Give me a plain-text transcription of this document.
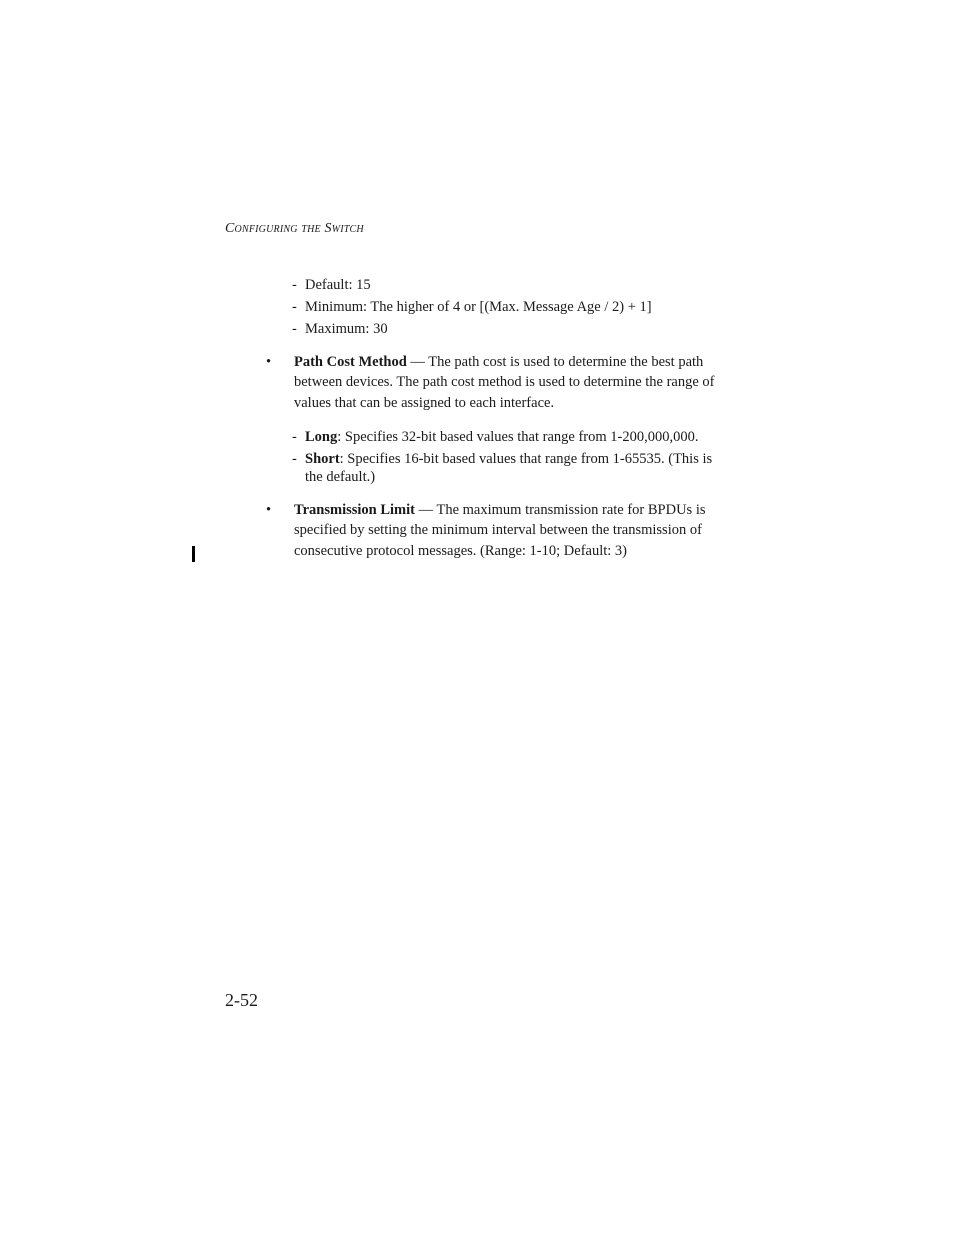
Configuring the Switch
- Default: 15
- Minimum: The higher of 4 or [(Max. Message Age / 2) + 1]
- Maximum: 30
• Path Cost Method — The path cost is used to determine the best path between devices. The path cost method is used to determine the range of values that can be assigned to each interface.
- Long: Specifies 32-bit based values that range from 1-200,000,000.
- Short: Specifies 16-bit based values that range from 1-65535. (This is the default.)
• Transmission Limit — The maximum transmission rate for BPDUs is specified by setting the minimum interval between the transmission of consecutive protocol messages. (Range: 1-10; Default: 3)
2-52
